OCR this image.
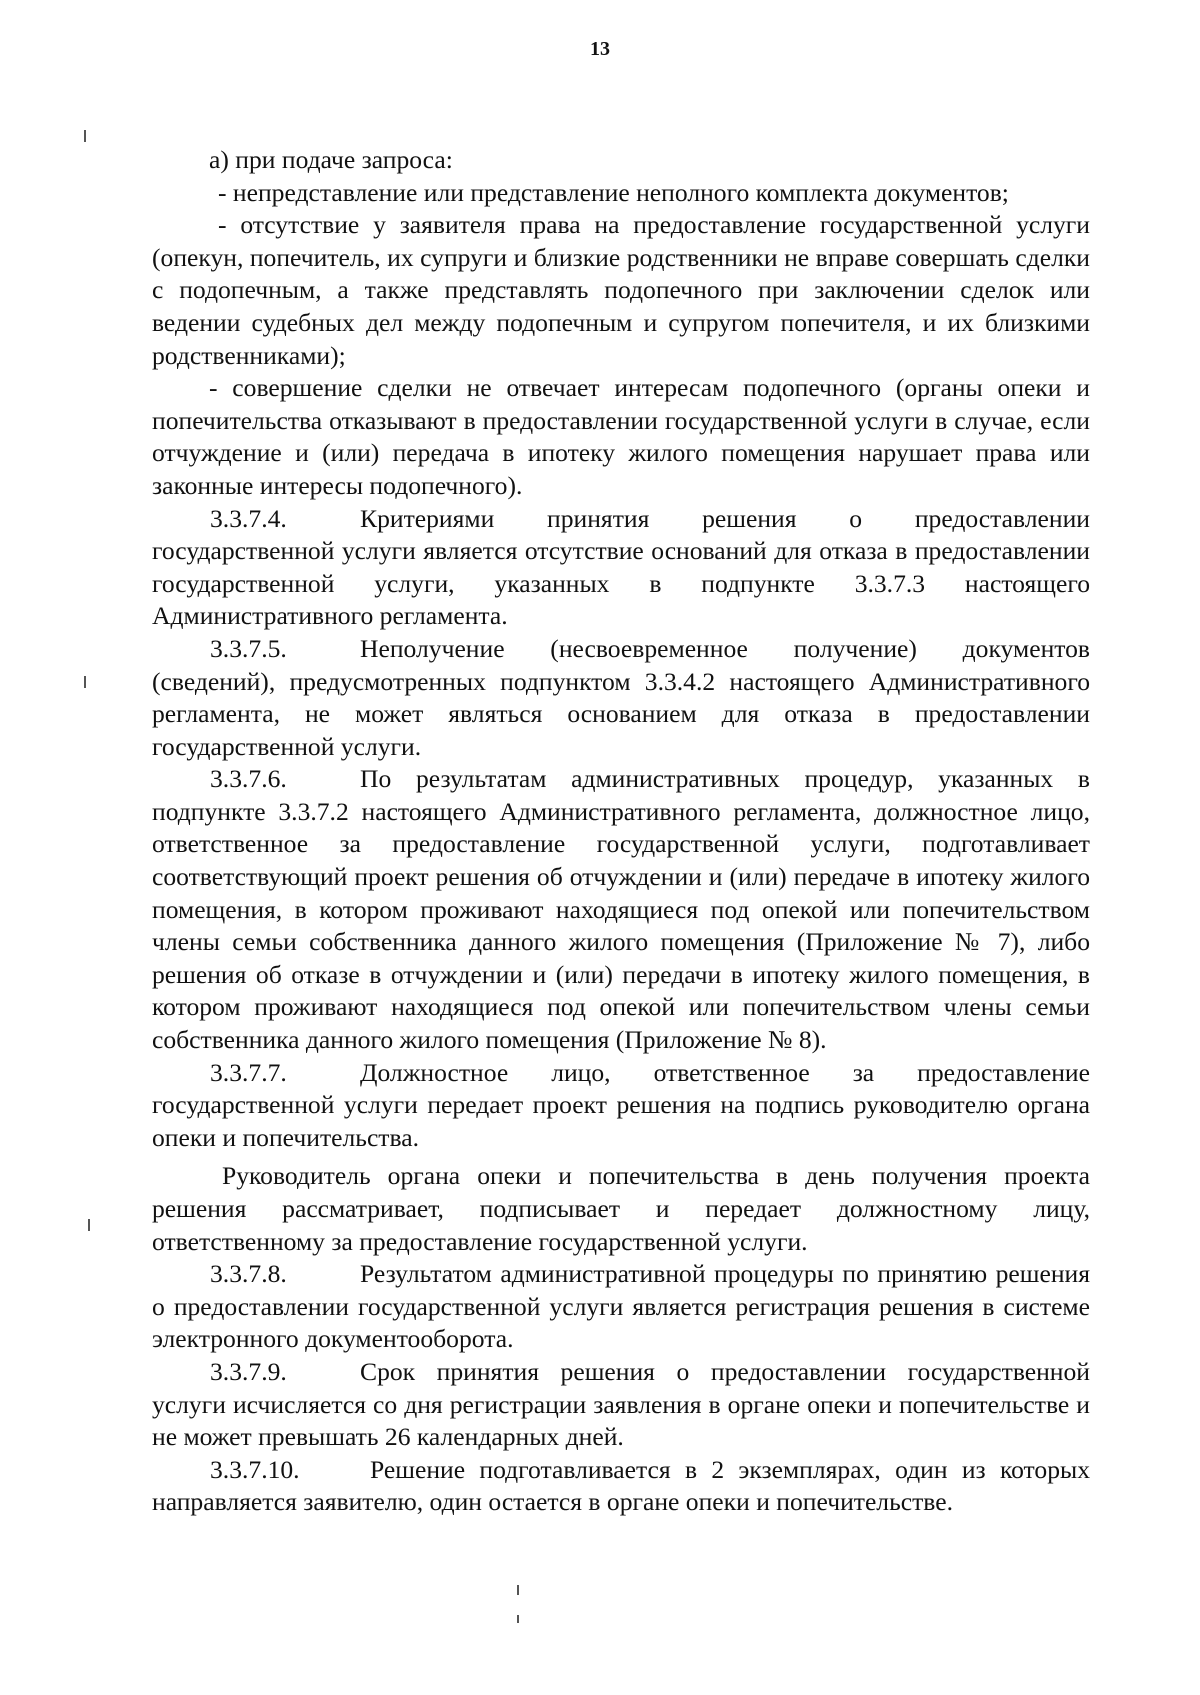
13

а) при подаче запроса:

- непредставление или представление неполного комплекта документов;

- отсутствие у заявителя права на предоставление государственной услуги (опекун, попечитель, их супруги и близкие родственники не вправе совершать сделки с подопечным, а также представлять подопечного при заключении сделок или ведении судебных дел между подопечным и супругом попечителя, и их близкими родственниками);

- совершение сделки не отвечает интересам подопечного (органы опеки и попечительства отказывают в предоставлении государственной услуги в случае, если отчуждение и (или) передача в ипотеку жилого помещения нарушает права или законные интересы подопечного).

3.3.7.4.	Критериями принятия решения о предоставлении государственной услуги является отсутствие оснований для отказа в предоставлении государственной услуги, указанных в подпункте 3.3.7.3 настоящего Административного регламента.

3.3.7.5.	Неполучение (несвоевременное получение) документов (сведений), предусмотренных подпунктом 3.3.4.2 настоящего Административного регламента, не может являться основанием для отказа в предоставлении государственной услуги.

3.3.7.6.	По результатам административных процедур, указанных в подпункте 3.3.7.2 настоящего Административного регламента, должностное лицо, ответственное за предоставление государственной услуги, подготавливает соответствующий проект решения об отчуждении и (или) передаче в ипотеку жилого помещения, в котором проживают находящиеся под опекой или попечительством члены семьи собственника данного жилого помещения (Приложение № 7), либо решения об отказе в отчуждении и (или) передачи в ипотеку жилого помещения, в котором проживают находящиеся под опекой или попечительством члены семьи собственника данного жилого помещения (Приложение № 8).

3.3.7.7.	Должностное лицо, ответственное за предоставление государственной услуги передает проект решения на подпись руководителю органа опеки и попечительства.

Руководитель органа опеки и попечительства в день получения проекта решения рассматривает, подписывает и передает должностному лицу, ответственному за предоставление государственной услуги.

3.3.7.8.	Результатом административной процедуры по принятию решения о предоставлении государственной услуги является регистрация решения в системе электронного документооборота.

3.3.7.9.	Срок принятия решения о предоставлении государственной услуги исчисляется со дня регистрации заявления в органе опеки и попечительстве и не может превышать 26 календарных дней.

3.3.7.10.	Решение подготавливается в 2 экземплярах, один из которых направляется заявителю, один остается в органе опеки и попечительстве.
